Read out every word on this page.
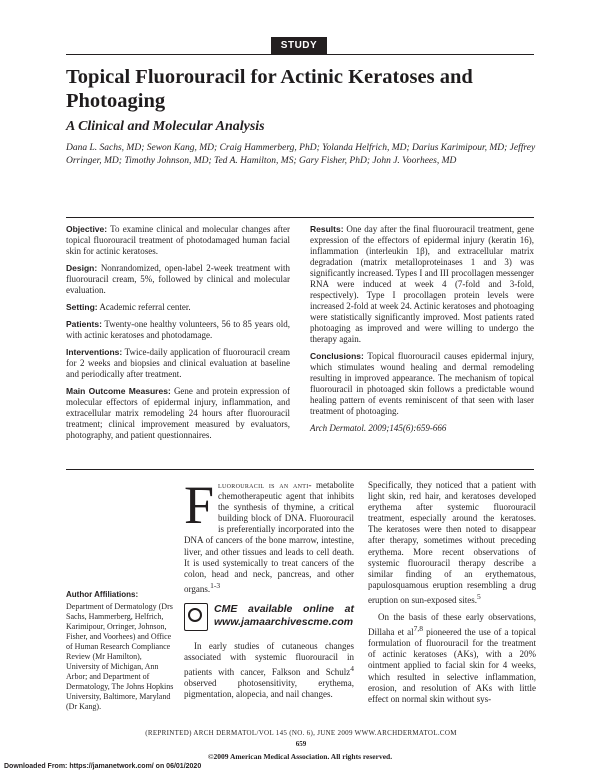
STUDY
Topical Fluorouracil for Actinic Keratoses and Photoaging
A Clinical and Molecular Analysis
Dana L. Sachs, MD; Sewon Kang, MD; Craig Hammerberg, PhD; Yolanda Helfrich, MD; Darius Karimipour, MD; Jeffrey Orringer, MD; Timothy Johnson, MD; Ted A. Hamilton, MS; Gary Fisher, PhD; John J. Voorhees, MD

Objective: To examine clinical and molecular changes after topical fluorouracil treatment of photodamaged human facial skin for actinic keratoses.

Design: Nonrandomized, open-label 2-week treatment with fluorouracil cream, 5%, followed by clinical and molecular evaluation.

Setting: Academic referral center.

Patients: Twenty-one healthy volunteers, 56 to 85 years old, with actinic keratoses and photodamage.

Interventions: Twice-daily application of fluorouracil cream for 2 weeks and biopsies and clinical evaluation at baseline and periodically after treatment.

Main Outcome Measures: Gene and protein expression of molecular effectors of epidermal injury, inflammation, and extracellular matrix remodeling 24 hours after fluorouracil treatment; clinical improvement measured by evaluators, photography, and patient questionnaires.

Results: One day after the final fluorouracil treatment, gene expression of the effectors of epidermal injury (keratin 16), inflammation (interleukin 1β), and extracellular matrix degradation (matrix metalloproteinases 1 and 3) was significantly increased. Types I and III procollagen messenger RNA were induced at week 4 (7-fold and 3-fold, respectively). Type I procollagen protein levels were increased 2-fold at week 24. Actinic keratoses and photoaging were statistically significantly improved. Most patients rated photoaging as improved and were willing to undergo the therapy again.

Conclusions: Topical fluorouracil causes epidermal injury, which stimulates wound healing and dermal remodeling resulting in improved appearance. The mechanism of topical fluorouracil in photoaged skin follows a predictable wound healing pattern of events reminiscent of that seen with laser treatment of photoaging.

Arch Dermatol. 2009;145(6):659-666

Author Affiliations:
Department of Dermatology (Drs Sachs, Hammerberg, Helfrich, Karimipour, Orringer, Johnson, Fisher, and Voorhees) and Office of Human Research Compliance Review (Mr Hamilton), University of Michigan, Ann Arbor; and Department of Dermatology, The Johns Hopkins University, Baltimore, Maryland (Dr Kang).

Fluorouracil is an anti- metabolite chemotherapeutic agent that inhibits the synthesis of thymine, a critical building block of DNA. Fluorouracil is preferentially incorporated into the DNA of cancers of the bone marrow, intestine, liver, and other tissues and leads to cell death. It is used systemically to treat cancers of the colon, head and neck, pancreas, and other organs.$^{1-3}$

CME available online at www.jamaarchivescme.com

In early studies of cutaneous changes associated with systemic fluorouracil in patients with cancer, Falkson and Schulz$^4$ observed photosensitivity, erythema, pigmentation, alopecia, and nail changes.

Specifically, they noticed that a patient with light skin, red hair, and keratoses developed erythema after systemic fluorouracil treatment, especially around the keratoses. The keratoses were then noted to disappear after therapy, sometimes without preceding erythema. More recent observations of systemic fluorouracil therapy describe a similar finding of an erythematous, papulosquamous eruption resembling a drug eruption on sun-exposed sites.$^5$

On the basis of these early observations, Dillaha et al$^{7,8}$ pioneered the use of a topical formulation of fluorouracil for the treatment of actinic keratoses (AKs), with a 20% ointment applied to facial skin for 4 weeks, which resulted in selective inflammation, erosion, and resolution of AKs with little effect on normal skin without sys-

(REPRINTED) ARCH DERMATOL/VOL 145 (NO. 6), JUNE 2009 WWW.ARCHDERMATOL.COM
659
©2009 American Medical Association. All rights reserved.
Downloaded From: https://jamanetwork.com/ on 06/01/2020
